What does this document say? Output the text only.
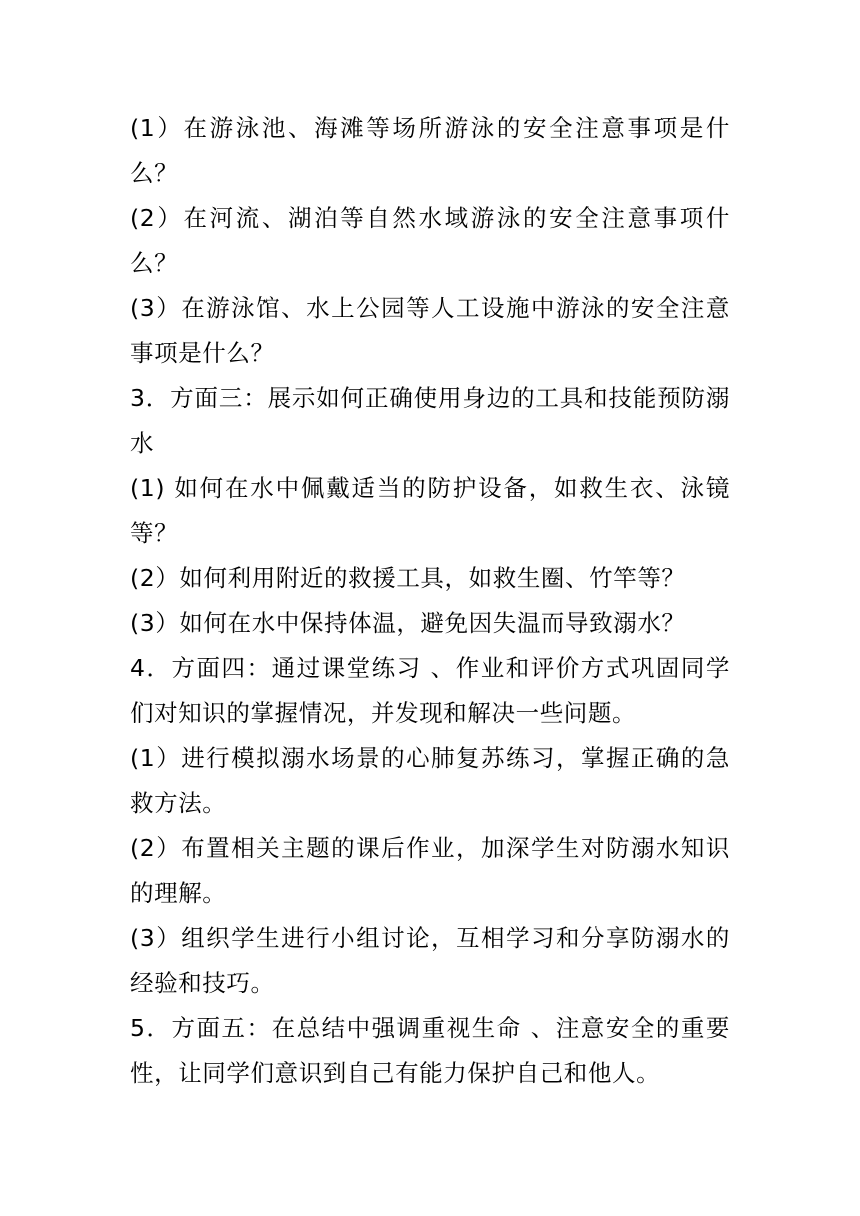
(1）在游泳池、海滩等场所游泳的安全注意事项是什么？

(2）在河流、湖泊等自然水域游泳的安全注意事项什么？

(3）在游泳馆、水上公园等人工设施中游泳的安全注意事项是什么？

3．方面三：展示如何正确使用身边的工具和技能预防溺水

(1) 如何在水中佩戴适当的防护设备，如救生衣、泳镜等？

(2）如何利用附近的救援工具，如救生圈、竹竿等？

(3）如何在水中保持体温，避免因失温而导致溺水？

4．方面四：通过课堂练习 、作业和评价方式巩固同学们对知识的掌握情况，并发现和解决一些问题。

(1）进行模拟溺水场景的心肺复苏练习，掌握正确的急救方法。

(2）布置相关主题的课后作业，加深学生对防溺水知识的理解。

(3）组织学生进行小组讨论，互相学习和分享防溺水的经验和技巧。

5．方面五：在总结中强调重视生命 、注意安全的重要性，让同学们意识到自己有能力保护自己和他人。
